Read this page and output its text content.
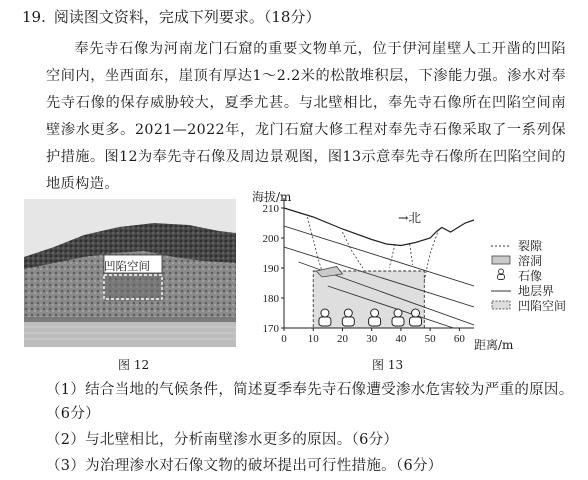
19. 阅读图文资料，完成下列要求。（18分）
奉先寺石像为河南龙门石窟的重要文物单元，位于伊河崖壁人工开凿的凹陷空间内，坐西面东，崖顶有厚达1～2.2米的松散堆积层，下渗能力强。渗水对奉先寺石像的保存威胁较大，夏季尤甚。与北壁相比，奉先寺石像所在凹陷空间南壁渗水更多。2021—2022年，龙门石窟大修工程对奉先寺石像采取了一系列保护措施。图12为奉先寺石像及周边景观图，图13示意奉先寺石像所在凹陷空间的地质构造。
凹陷空间
图 12
0 10 20 30 40 50 60
170
180
190
200
210
海拔/m
距离/m
→北
图 13
裂隙
溶洞
石像
地层界
凹陷空间
（1）结合当地的气候条件，简述夏季奉先寺石像遭受渗水危害较为严重的原因。
（6分）
（2）与北壁相比，分析南壁渗水更多的原因。（6分）
（3）为治理渗水对石像文物的破坏提出可行性措施。（6分）
